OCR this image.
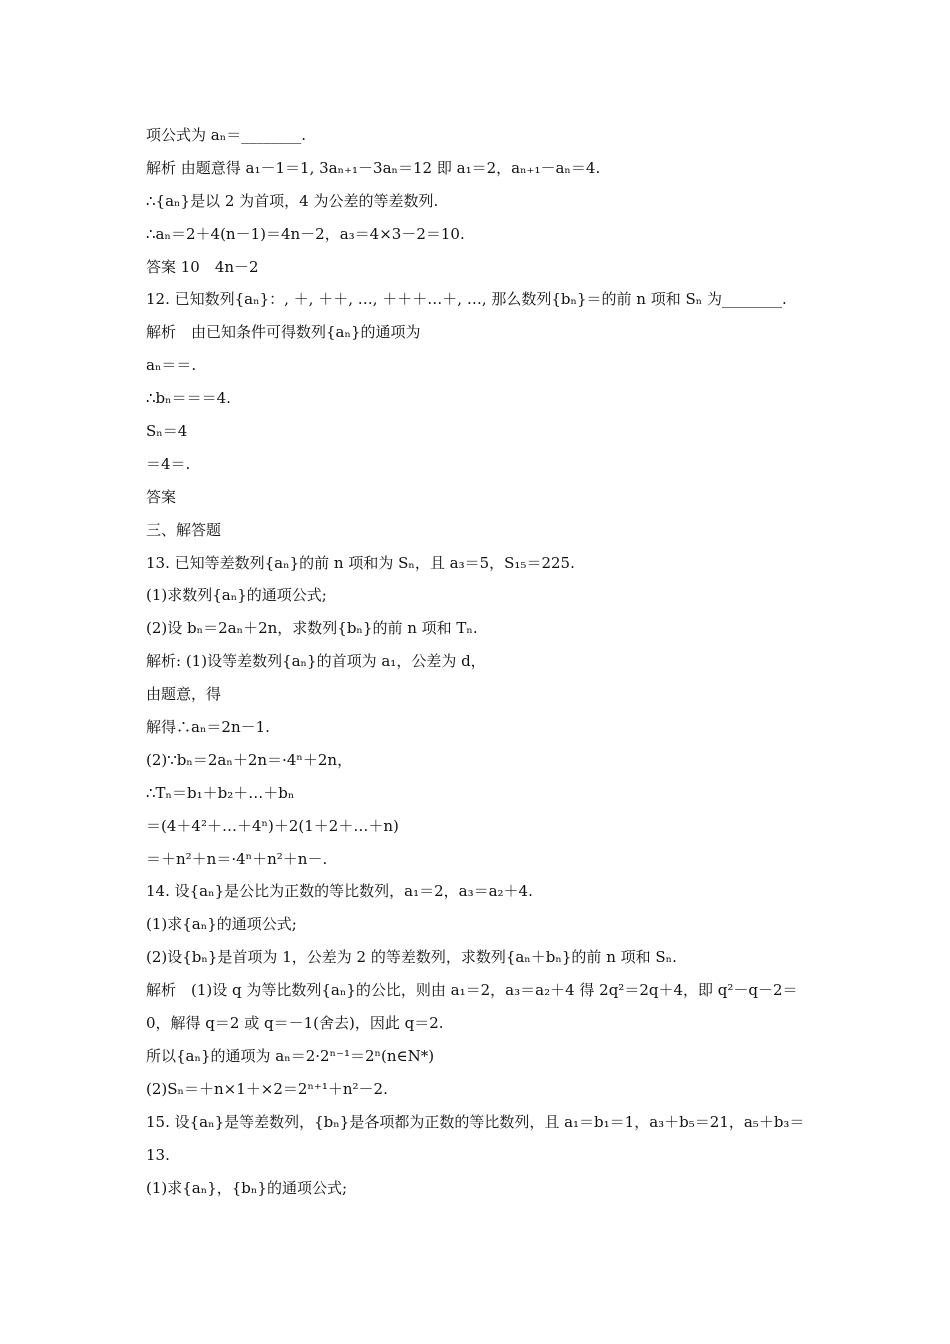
项公式为 aₙ＝________.
解析 由题意得 a₁－1＝1, 3aₙ₊₁－3aₙ＝12 即 a₁＝2，aₙ₊₁－aₙ＝4.
∴{aₙ}是以 2 为首项，4 为公差的等差数列.
∴aₙ＝2＋4(n－1)＝4n－2，a₃＝4×3－2＝10.
答案 10　4n－2
12. 已知数列{aₙ}：, ＋, ＋＋, …, ＋＋＋…＋, …, 那么数列{bₙ}＝的前 n 项和 Sₙ 为________.
解析　由已知条件可得数列{aₙ}的通项为
aₙ＝＝.
∴bₙ＝＝＝4.
Sₙ＝4
＝4＝.
答案
三、解答题
13. 已知等差数列{aₙ}的前 n 项和为 Sₙ，且 a₃＝5，S₁₅＝225.
(1)求数列{aₙ}的通项公式;
(2)设 bₙ＝2aₙ＋2n，求数列{bₙ}的前 n 项和 Tₙ.
解析: (1)设等差数列{aₙ}的首项为 a₁，公差为 d，
由题意，得
解得∴aₙ＝2n－1.
(2)∵bₙ＝2aₙ＋2n＝·4ⁿ＋2n，
∴Tₙ＝b₁＋b₂＋…＋bₙ
＝(4＋4²＋…＋4ⁿ)＋2(1＋2＋…＋n)
＝＋n²＋n＝·4ⁿ＋n²＋n－.
14. 设{aₙ}是公比为正数的等比数列，a₁＝2，a₃＝a₂＋4.
(1)求{aₙ}的通项公式;
(2)设{bₙ}是首项为 1，公差为 2 的等差数列，求数列{aₙ＋bₙ}的前 n 项和 Sₙ.
解析　(1)设 q 为等比数列{aₙ}的公比，则由 a₁＝2，a₃＝a₂＋4 得 2q²＝2q＋4，即 q²－q－2＝
0，解得 q＝2 或 q＝－1(舍去)，因此 q＝2.
所以{aₙ}的通项为 aₙ＝2·2ⁿ⁻¹＝2ⁿ(n∈N*)
(2)Sₙ＝＋n×1＋×2＝2ⁿ⁺¹＋n²－2.
15. 设{aₙ}是等差数列，{bₙ}是各项都为正数的等比数列，且 a₁＝b₁＝1，a₃＋b₅＝21，a₅＋b₃＝
13.
(1)求{aₙ}，{bₙ}的通项公式;
